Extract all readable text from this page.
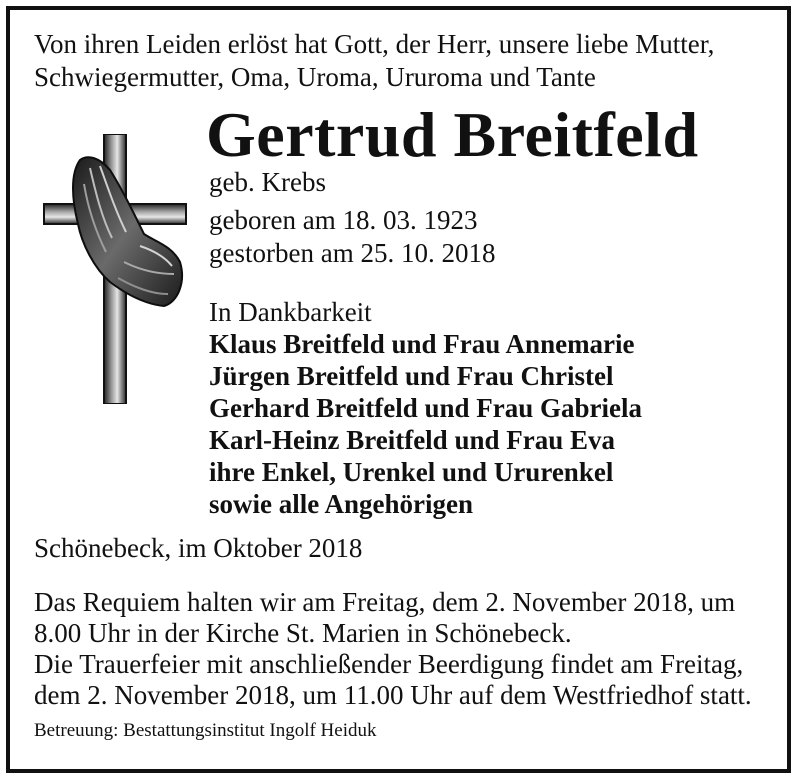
Von ihren Leiden erlöst hat Gott, der Herr, unsere liebe Mutter,
Schwiegermutter, Oma, Uroma, Ururoma und Tante
Gertrud Breitfeld
geb. Krebs
geboren am 18. 03. 1923
gestorben am 25. 10. 2018
In Dankbarkeit
Klaus Breitfeld und Frau Annemarie
Jürgen Breitfeld und Frau Christel
Gerhard Breitfeld und Frau Gabriela
Karl-Heinz Breitfeld und Frau Eva
ihre Enkel, Urenkel und Ururenkel
sowie alle Angehörigen
Schönebeck, im Oktober 2018
Das Requiem halten wir am Freitag, dem 2. November 2018, um
8.00 Uhr in der Kirche St. Marien in Schönebeck.
Die Trauerfeier mit anschließender Beerdigung findet am Freitag,
dem 2. November 2018, um 11.00 Uhr auf dem Westfriedhof statt.
Betreuung: Bestattungsinstitut Ingolf Heiduk
